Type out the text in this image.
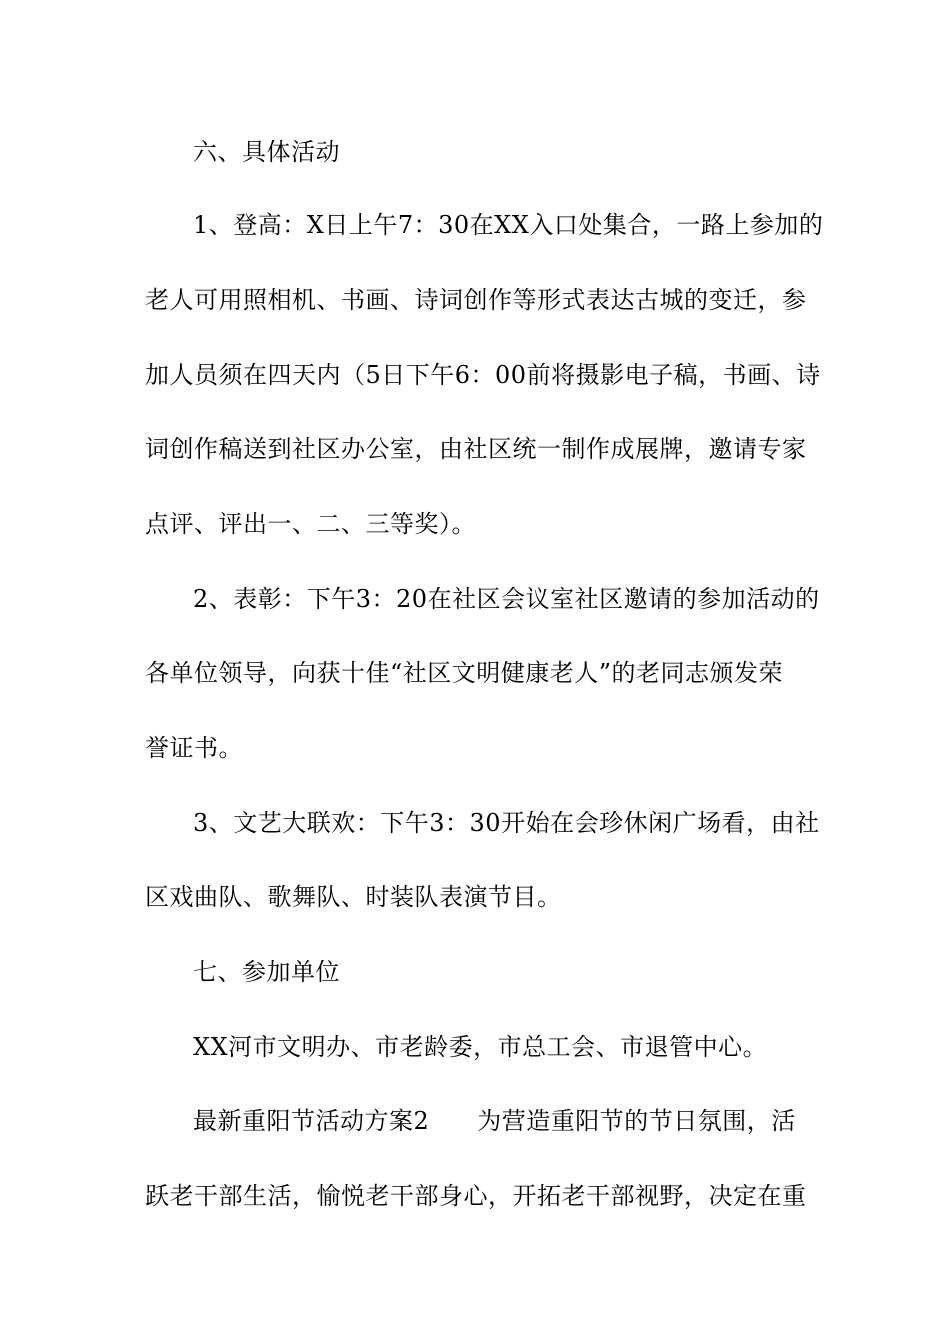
六、具体活动
1、登高：X日上午7：30在XX入口处集合，一路上参加的
老人可用照相机、书画、诗词创作等形式表达古城的变迁，参
加人员须在四天内（5日下午6：00前将摄影电子稿，书画、诗
词创作稿送到社区办公室，由社区统一制作成展牌，邀请专家
点评、评出一、二、三等奖）。
2、表彰：下午3：20在社区会议室社区邀请的参加活动的
各单位领导，向获十佳“社区文明健康老人”的老同志颁发荣
誉证书。
3、文艺大联欢：下午3：30开始在会珍休闲广场看，由社
区戏曲队、歌舞队、时装队表演节目。
七、参加单位
XX河市文明办、市老龄委，市总工会、市退管中心。
最新重阳节活动方案2 为营造重阳节的节日氛围，活
跃老干部生活，愉悦老干部身心，开拓老干部视野，决定在重
